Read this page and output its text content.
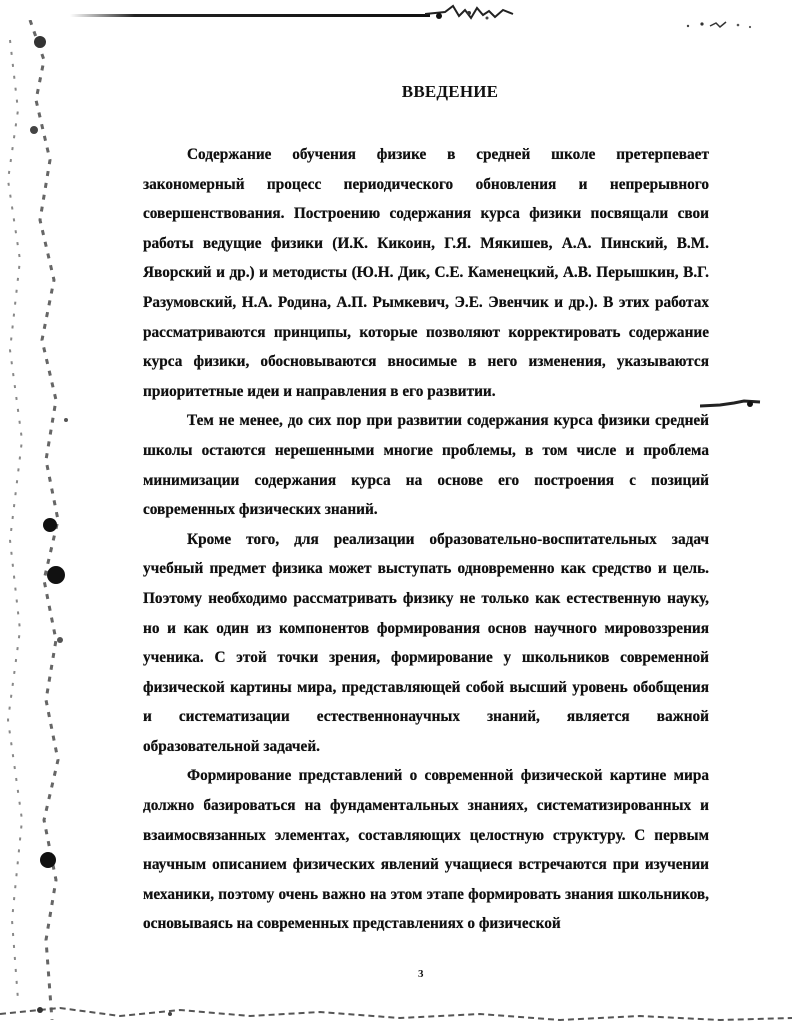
ВВЕДЕНИЕ

Содержание обучения физике в средней школе претерпевает закономерный процесс периодического обновления и непрерывного совершенствования. Построению содержания курса физики посвящали свои работы ведущие физики (И.К. Кикоин, Г.Я. Мякишев, А.А. Пинский, В.М. Яворский и др.) и методисты (Ю.Н. Дик, С.Е. Каменецкий, А.В. Перышкин, В.Г. Разумовский, Н.А. Родина, А.П. Рымкевич, Э.Е. Эвенчик и др.). В этих работах рассматриваются принципы, которые позволяют корректировать содержание курса физики, обосновываются вносимые в него изменения, указываются приоритетные идеи и направления в его развитии.

Тем не менее, до сих пор при развитии содержания курса физики средней школы остаются нерешенными многие проблемы, в том числе и проблема минимизации содержания курса на основе его построения с позиций современных физических знаний.

Кроме того, для реализации образовательно-воспитательных задач учебный предмет физика может выступать одновременно как средство и цель. Поэтому необходимо рассматривать физику не только как естественную науку, но и как один из компонентов формирования основ научного мировоззрения ученика. С этой точки зрения, формирование у школьников современной физической картины мира, представляющей собой высший уровень обобщения и систематизации естественнонаучных знаний, является важной образовательной задачей.

Формирование представлений о современной физической картине мира должно базироваться на фундаментальных знаниях, систематизированных и взаимосвязанных элементах, составляющих целостную структуру. С первым научным описанием физических явлений учащиеся встречаются при изучении механики, поэтому очень важно на этом этапе формировать знания школьников, основываясь на современных представлениях о физической

3
